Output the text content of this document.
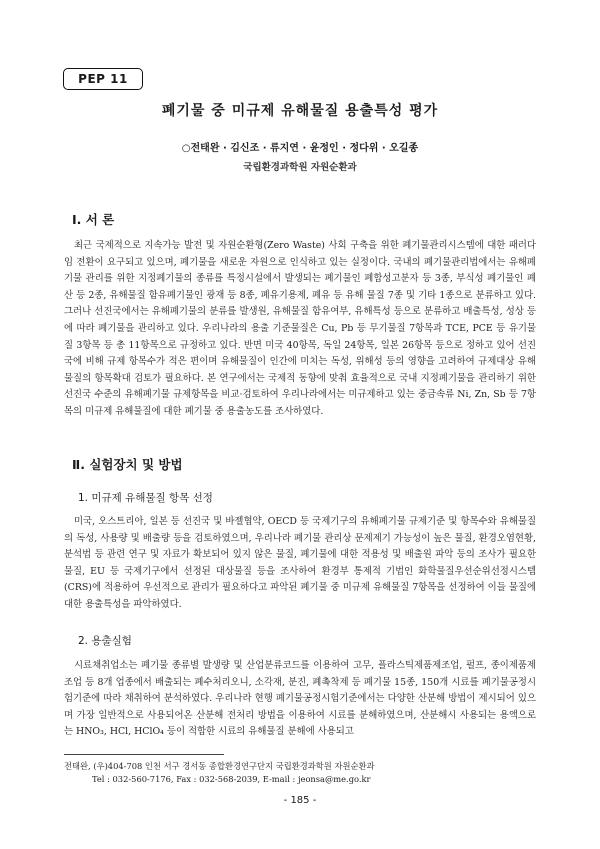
PEP 11
폐기물 중 미규제 유해물질 용출특성 평가
○전태완 · 김신조 · 류지연 · 윤정인 · 정다위 · 오길종
국립환경과학원 자원순환과
Ⅰ. 서 론
최근 국제적으로 지속가능 발전 및 자원순환형(Zero Waste) 사회 구축을 위한 폐기물관리시스템에 대한 패러다임 전환이 요구되고 있으며, 폐기물을 새로운 자원으로 인식하고 있는 실정이다. 국내의 폐기물관리법에서는 유해폐기물 관리를 위한 지정폐기물의 종류를 특정시설에서 발생되는 폐기물인 폐합성고분자 등 3종, 부식성 폐기물인 폐산 등 2종, 유해물질 함유폐기물인 광재 등 8종, 폐유기용제, 폐유 등 유해 물질 7종 및 기타 1종으로 분류하고 있다. 그러나 선진국에서는 유해폐기물의 분류를 발생원, 유해물질 함유여부, 유해특성 등으로 분류하고 배출특성, 성상 등에 따라 폐기물을 관리하고 있다. 우리나라의 용출 기준물질은 Cu, Pb 등 무기물질 7항목과 TCE, PCE 등 유기물질 3항목 등 총 11항목으로 규정하고 있다. 반면 미국 40항목, 독일 24항목, 일본 26항목 등으로 정하고 있어 선진국에 비해 규제 항목수가 적은 편이며 유해물질이 인간에 미치는 독성, 위해성 등의 영향을 고려하여 규제대상 유해물질의 항목확대 검토가 필요하다. 본 연구에서는 국제적 동향에 맞춰 효율적으로 국내 지정폐기물을 관리하기 위한 선진국 수준의 유해폐기물 규제항목을 비교·검토하여 우리나라에서는 미규제하고 있는 중금속류 Ni, Zn, Sb 등 7항목의 미규제 유해물질에 대한 폐기물 중 용출농도를 조사하였다.
Ⅱ. 실험장치 및 방법
1. 미규제 유해물질 항목 선정
미국, 오스트리아, 일본 등 선진국 및 바젤협약, OECD 등 국제기구의 유해폐기물 규제기준 및 항목수와 유해물질의 독성, 사용량 및 배출량 등을 검토하였으며, 우리나라 폐기물 관리상 문제제기 가능성이 높은 물질, 환경오염현황, 분석법 등 관련 연구 및 자료가 확보되어 있지 않은 물질, 폐기물에 대한 적용성 및 배출원 파악 등의 조사가 필요한 물질, EU 등 국제기구에서 선정된 대상물질 등을 조사하여 환경부 통제적 기법인 화학물질우선순위선정시스템(CRS)에 적용하여 우선적으로 관리가 필요하다고 파악된 폐기물 중 미규제 유해물질 7항목을 선정하여 이들 물질에 대한 용출특성을 파악하였다.
2. 용출실험
시료채취업소는 폐기물 종류별 발생량 및 산업분류코드를 이용하여 고무, 플라스틱제품제조업, 펄프, 종이제품제조업 등 8개 업종에서 배출되는 폐수처리오니, 소각재, 분진, 폐촉착제 등 폐기물 15종, 150개 시료를 폐기물공정시험기준에 따라 채취하여 분석하였다. 우리나라 현행 폐기물공정시험기준에서는 다양한 산분해 방법이 제시되어 있으며 가장 일반적으로 사용되어온 산분해 전처리 방법을 이용하여 시료를 분해하였으며, 산분해시 사용되는 용액으로는 HNO₃, HCl, HClO₄ 등이 적합한 시료의 유해물질 분해에 사용되고
전태완, (우)404-708 인천 서구 경서동 종합환경연구단지 국립환경과학원 자원순환과
Tel : 032-560-7176, Fax : 032-568-2039, E-mail : jeonsa@me.go.kr
- 185 -
